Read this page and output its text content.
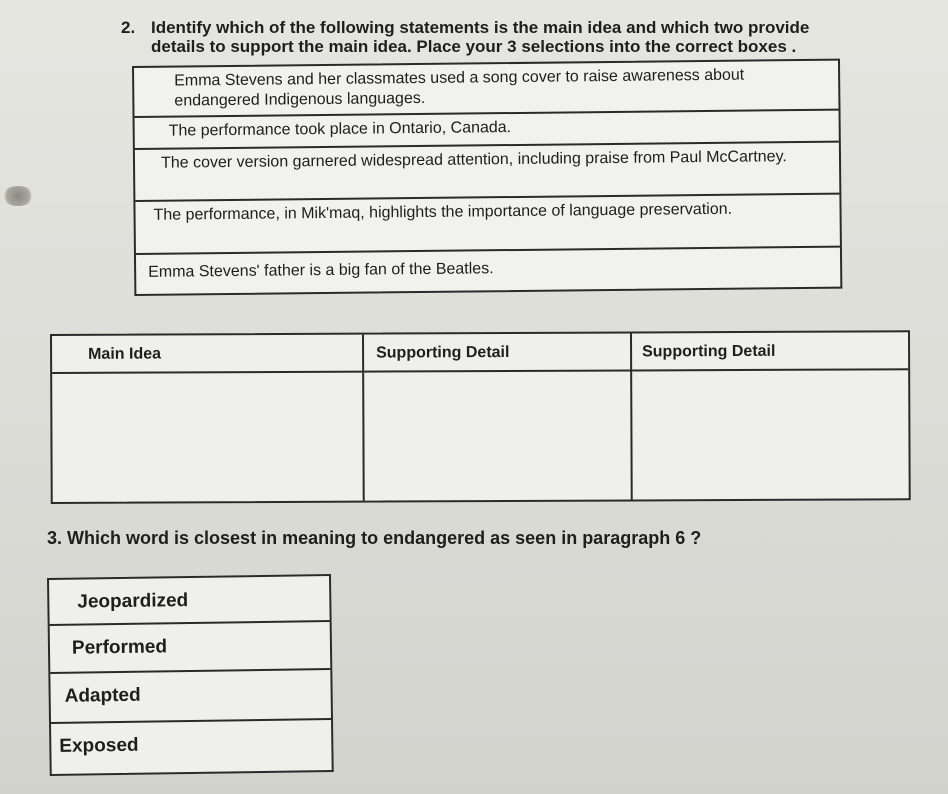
2. Identify which of the following statements is the main idea and which two provide
details to support the main idea. Place your 3 selections into the correct boxes .
Emma Stevens and her classmates used a song cover to raise awareness about endangered Indigenous languages.
The performance took place in Ontario, Canada.
The cover version garnered widespread attention, including praise from Paul McCartney.
The performance, in Mik'maq, highlights the importance of language preservation.
Emma Stevens' father is a big fan of the Beatles.
Main Idea	Supporting Detail	Supporting Detail
3. Which word is closest in meaning to endangered as seen in paragraph 6 ?
Jeopardized
Performed
Adapted
Exposed
